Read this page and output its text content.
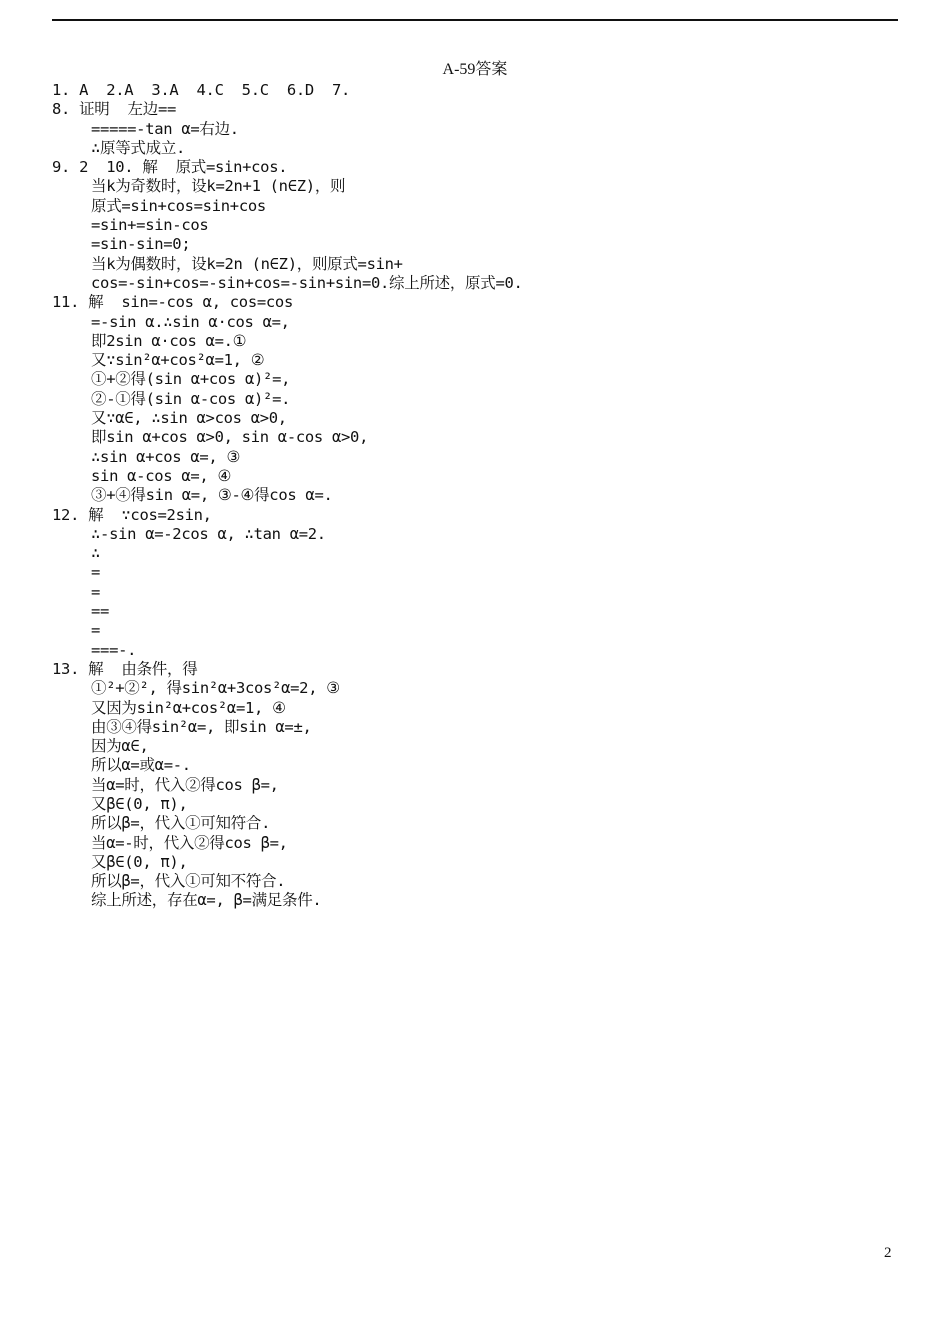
A-59答案
1. A  2.A  3.A  4.C  5.C  6.D  7.
8. 证明  左边==
=====-tan α=右边.
∴原等式成立.
9. 2  10. 解  原式=sin+cos.
当k为奇数时，设k=2n+1 (n∈Z)，则
原式=sin+cos=sin+cos
=sin+=sin-cos
=sin-sin=0;
当k为偶数时，设k=2n (n∈Z)，则原式=sin+
cos=-sin+cos=-sin+cos=-sin+sin=0.综上所述，原式=0.
11. 解  sin=-cos α, cos=cos
=-sin α.∴sin α·cos α=,
即2sin α·cos α=.①
又∵sin²α+cos²α=1, ②
①+②得(sin α+cos α)²=,
②-①得(sin α-cos α)²=.
又∵α∈, ∴sin α>cos α>0,
即sin α+cos α>0, sin α-cos α>0,
∴sin α+cos α=, ③
sin α-cos α=, ④
③+④得sin α=, ③-④得cos α=.
12. 解  ∵cos=2sin,
∴-sin α=-2cos α, ∴tan α=2.
∴
=
=
==
=
===-.
13. 解  由条件，得
①²+②², 得sin²α+3cos²α=2, ③
又因为sin²α+cos²α=1, ④
由③④得sin²α=, 即sin α=±,
因为α∈,
所以α=或α=-.
当α=时，代入②得cos β=,
又β∈(0, π),
所以β=，代入①可知符合.
当α=-时，代入②得cos β=,
又β∈(0, π),
所以β=，代入①可知不符合.
综上所述，存在α=, β=满足条件.
2
